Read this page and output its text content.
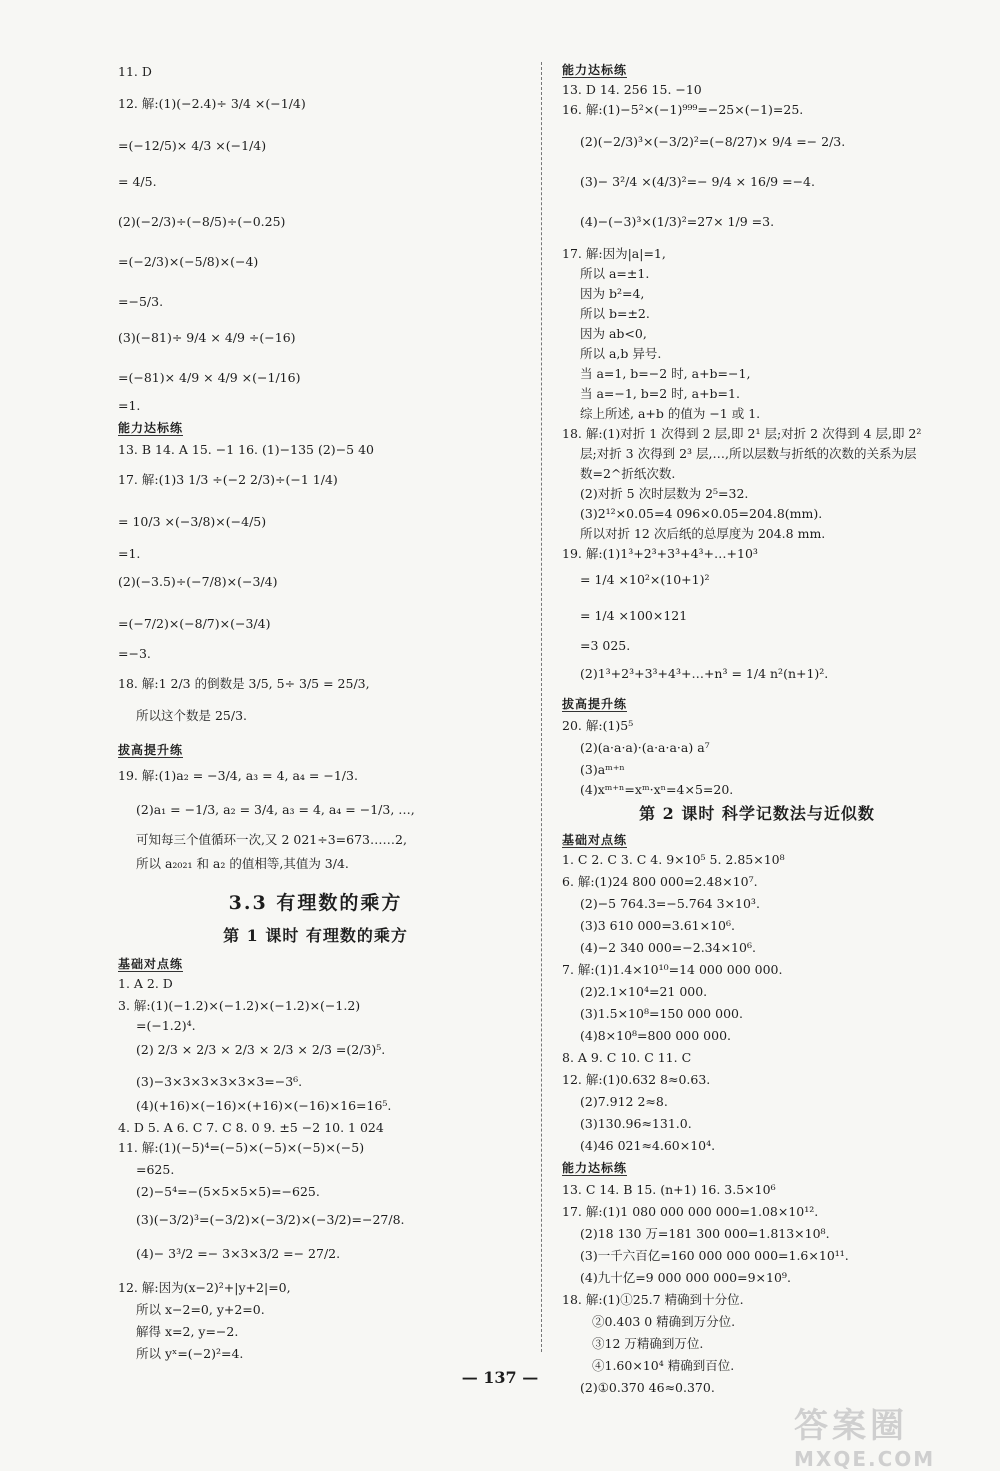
11. D
12. 解:(1)(−2.4)÷ 3/4 ×(−1/4)
=(−12/5)× 4/3 ×(−1/4)
= 4/5.
(2)(−2/3)÷(−8/5)÷(−0.25)
=(−2/3)×(−5/8)×(−4)
=−5/3.
(3)(−81)÷ 9/4 × 4/9 ÷(−16)
=(−81)× 4/9 × 4/9 ×(−1/16)
=1.
能力达标练
13. B 14. A 15. −1 16. (1)−135 (2)−5 40
17. 解:(1)3 1/3 ÷(−2 2/3)÷(−1 1/4)
= 10/3 ×(−3/8)×(−4/5)
=1.
(2)(−3.5)÷(−7/8)×(−3/4)
=(−7/2)×(−8/7)×(−3/4)
=−3.
18. 解:1 2/3 的倒数是 3/5, 5÷ 3/5 = 25/3,
所以这个数是 25/3.
拔高提升练
19. 解:(1)a₂ = −3/4, a₃ = 4, a₄ = −1/3.
(2)a₁ = −1/3, a₂ = 3/4, a₃ = 4, a₄ = −1/3, …,
可知每三个值循环一次,又 2 021÷3=673……2,
所以 a₂₀₂₁ 和 a₂ 的值相等,其值为 3/4.
3.3 有理数的乘方
第 1 课时 有理数的乘方
基础对点练
1. A 2. D
3. 解:(1)(−1.2)×(−1.2)×(−1.2)×(−1.2)
=(−1.2)⁴.
(2) 2/3 × 2/3 × 2/3 × 2/3 × 2/3 =(2/3)⁵.
(3)−3×3×3×3×3×3=−3⁶.
(4)(+16)×(−16)×(+16)×(−16)×16=16⁵.
4. D 5. A 6. C 7. C 8. 0 9. ±5 −2 10. 1 024
11. 解:(1)(−5)⁴=(−5)×(−5)×(−5)×(−5)
=625.
(2)−5⁴=−(5×5×5×5)=−625.
(3)(−3/2)³=(−3/2)×(−3/2)×(−3/2)=−27/8.
(4)− 3³/2 =− 3×3×3/2 =− 27/2.
12. 解:因为(x−2)²+|y+2|=0,
所以 x−2=0, y+2=0.
解得 x=2, y=−2.
所以 yˣ=(−2)²=4.
能力达标练
13. D 14. 256 15. −10
16. 解:(1)−5²×(−1)⁹⁹⁹=−25×(−1)=25.
(2)(−2/3)³×(−3/2)²=(−8/27)× 9/4 =− 2/3.
(3)− 3²/4 ×(4/3)²=− 9/4 × 16/9 =−4.
(4)−(−3)³×(1/3)²=27× 1/9 =3.
17. 解:因为|a|=1,
所以 a=±1.
因为 b²=4,
所以 b=±2.
因为 ab<0,
所以 a,b 异号.
当 a=1, b=−2 时, a+b=−1,
当 a=−1, b=2 时, a+b=1.
综上所述, a+b 的值为 −1 或 1.
18. 解:(1)对折 1 次得到 2 层,即 2¹ 层;对折 2 次得到 4 层,即 2²
层;对折 3 次得到 2³ 层,…,所以层数与折纸的次数的关系为层
数=2^折纸次数.
(2)对折 5 次时层数为 2⁵=32.
(3)2¹²×0.05=4 096×0.05=204.8(mm).
所以对折 12 次后纸的总厚度为 204.8 mm.
19. 解:(1)1³+2³+3³+4³+…+10³
= 1/4 ×10²×(10+1)²
= 1/4 ×100×121
=3 025.
(2)1³+2³+3³+4³+…+n³ = 1/4 n²(n+1)².
拔高提升练
20. 解:(1)5⁵
(2)(a·a·a)·(a·a·a·a) a⁷
(3)aᵐ⁺ⁿ
(4)xᵐ⁺ⁿ=xᵐ·xⁿ=4×5=20.
第 2 课时 科学记数法与近似数
基础对点练
1. C 2. C 3. C 4. 9×10⁵ 5. 2.85×10⁸
6. 解:(1)24 800 000=2.48×10⁷.
(2)−5 764.3=−5.764 3×10³.
(3)3 610 000=3.61×10⁶.
(4)−2 340 000=−2.34×10⁶.
7. 解:(1)1.4×10¹⁰=14 000 000 000.
(2)2.1×10⁴=21 000.
(3)1.5×10⁸=150 000 000.
(4)8×10⁸=800 000 000.
8. A 9. C 10. C 11. C
12. 解:(1)0.632 8≈0.63.
(2)7.912 2≈8.
(3)130.96≈131.0.
(4)46 021≈4.60×10⁴.
能力达标练
13. C 14. B 15. (n+1) 16. 3.5×10⁶
17. 解:(1)1 080 000 000 000=1.08×10¹².
(2)18 130 万=181 300 000=1.813×10⁸.
(3)一千六百亿=160 000 000 000=1.6×10¹¹.
(4)九十亿=9 000 000 000=9×10⁹.
18. 解:(1)①25.7 精确到十分位.
②0.403 0 精确到万分位.
③12 万精确到万位.
④1.60×10⁴ 精确到百位.
(2)①0.370 46≈0.370.
— 137 —
答案圈
MXQE.COM
